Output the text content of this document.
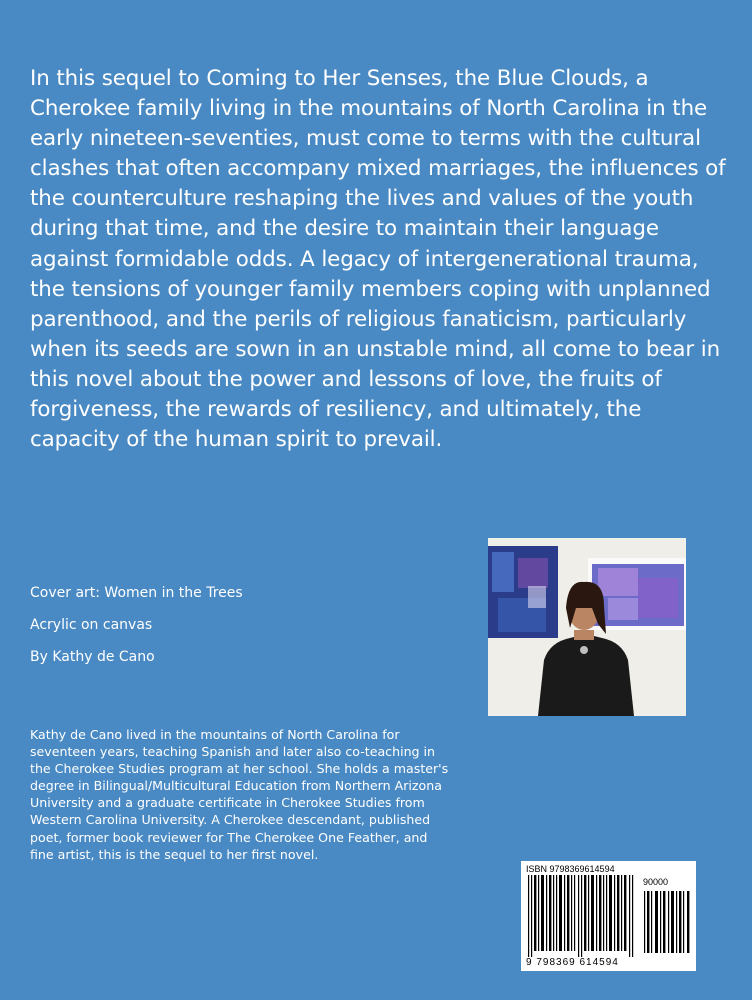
In this sequel to Coming to Her Senses, the Blue Clouds, a Cherokee family living in the mountains of North Carolina in the early nineteen-seventies, must come to terms with the cultural clashes that often accompany mixed marriages, the influences of the counterculture reshaping the lives and values of the youth during that time, and the desire to maintain their language against formidable odds. A legacy of intergenerational trauma, the tensions of younger family members coping with unplanned parenthood, and the perils of religious fanaticism, particularly when its seeds are sown in an unstable mind, all come to bear in this novel about the power and lessons of love, the fruits of forgiveness, the rewards of resiliency, and ultimately, the capacity of the human spirit to prevail.

Cover art: Women in the Trees
Acrylic on canvas
By Kathy de Cano

Kathy de Cano lived in the mountains of North Carolina for seventeen years, teaching Spanish and later also co-teaching in the Cherokee Studies program at her school. She holds a master's degree in Bilingual/Multicultural Education from Northern Arizona University and a graduate certificate in Cherokee Studies from Western Carolina University. A Cherokee descendant, published poet, former book reviewer for The Cherokee One Feather, and fine artist, this is the sequel to her first novel.

ISBN 9798369614594
90000
9 798369 614594
